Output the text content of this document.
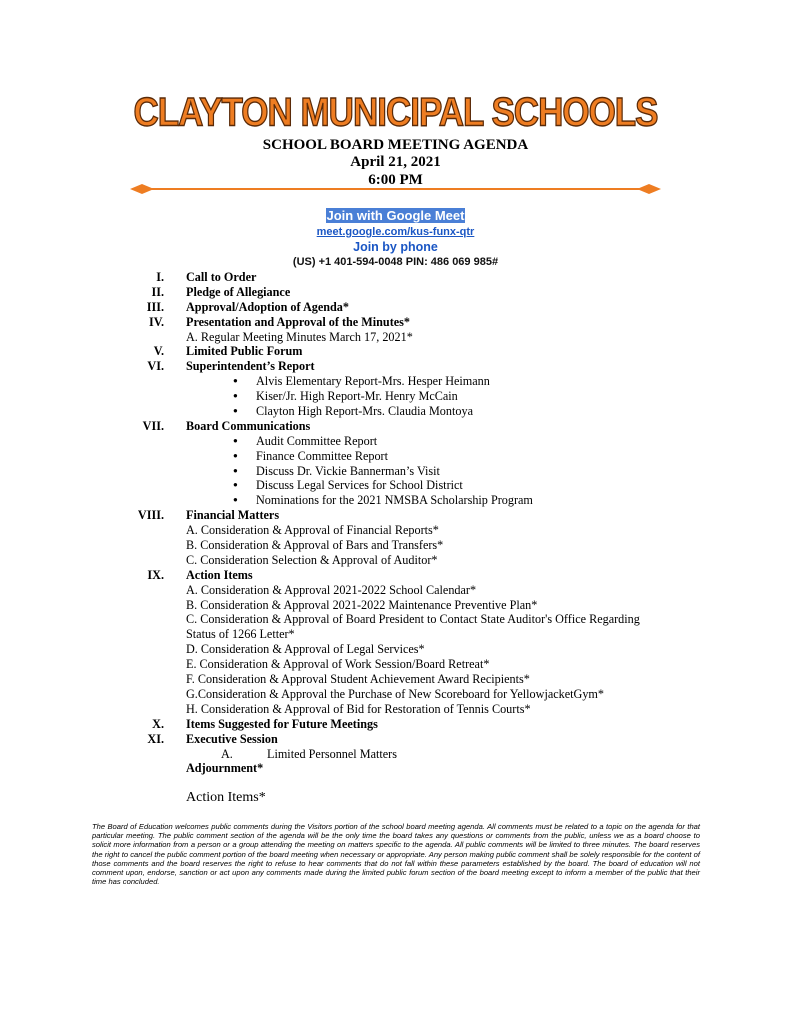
CLAYTON MUNICIPAL SCHOOLS
SCHOOL BOARD MEETING AGENDA
April 21, 2021
6:00 PM
Join with Google Meet
meet.google.com/kus-funx-qtr
Join by phone
(US) +1 401-594-0048 PIN: 486 069 985#
I. Call to Order
II. Pledge of Allegiance
III. Approval/Adoption of Agenda*
IV. Presentation and Approval of the Minutes*
A. Regular Meeting Minutes March 17, 2021*
V. Limited Public Forum
VI. Superintendent’s Report
● Alvis Elementary Report-Mrs. Hesper Heimann
● Kiser/Jr. High Report-Mr. Henry McCain
● Clayton High Report-Mrs. Claudia Montoya
VII. Board Communications
● Audit Committee Report
● Finance Committee Report
● Discuss Dr. Vickie Bannerman’s Visit
● Discuss Legal Services for School District
● Nominations for the 2021 NMSBA Scholarship Program
VIII. Financial Matters
A. Consideration & Approval of Financial Reports*
B. Consideration & Approval of Bars and Transfers*
C. Consideration Selection & Approval of Auditor*
IX. Action Items
A. Consideration & Approval 2021-2022 School Calendar*
B. Consideration & Approval 2021-2022 Maintenance Preventive Plan*
C. Consideration & Approval of Board President to Contact State Auditor's Office Regarding
Status of 1266 Letter*
D. Consideration & Approval of Legal Services*
E. Consideration & Approval of Work Session/Board Retreat*
F. Consideration & Approval Student Achievement Award Recipients*
G.Consideration & Approval the Purchase of New Scoreboard for YellowjacketGym*
H. Consideration & Approval of Bid for Restoration of Tennis Courts*
X. Items Suggested for Future Meetings
XI. Executive Session
A.	Limited Personnel Matters
Adjournment*
Action Items*
The Board of Education welcomes public comments during the Visitors portion of the school board meeting agenda. All comments must be related to a topic on the agenda for that particular meeting. The public comment section of the agenda will be the only time the board takes any questions or comments from the public, unless we as a board choose to solicit more information from a person or a group attending the meeting on matters specific to the agenda. All public comments will be limited to three minutes. The board reserves the right to cancel the public comment portion of the board meeting when necessary or appropriate. Any person making public comment shall be solely responsible for the content of those comments and the board reserves the right to refuse to hear comments that do not fall within these parameters established by the board. The board of education will not comment upon, endorse, sanction or act upon any comments made during the limited public forum section of the board meeting except to inform a member of the public that their time has concluded.
